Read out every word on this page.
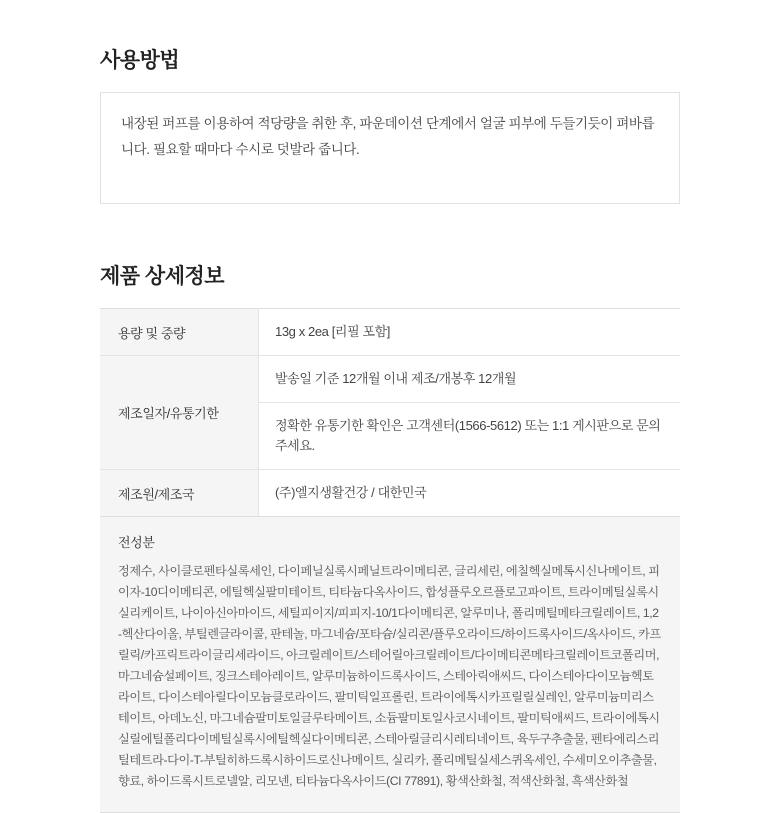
사용방법

내장된 퍼프를 이용하여 적당량을 취한 후, 파운데이션 단계에서 얼굴 피부에 두들기듯이 펴바릅니다. 필요할 때마다 수시로 덧발라 줍니다.

제품 상세정보
용량 및 중량	13g x 2ea [리필 포함]
제조일자/유통기한	발송일 기준 12개월 이내 제조/개봉후 12개월
	정확한 유통기한 확인은 고객센터(1566-5612) 또는 1:1 게시판으로 문의주세요.
제조원/제조국	(주)엘지생활건강 / 대한민국
전성분

정제수, 사이클로펜타실록세인, 다이페닐실록시페닐트라이메티콘, 글리세린, 에칠헥실메톡시신나메이트, 피이자-10디이메티콘, 에틸헥실팔미테이트, 티타늄다옥사이드, 합성플루오르플로고파이트, 트라이메틸실록시실리케이트, 나이아신아마이드, 세틸피이지/피피지-10/1다이메티콘, 알루미나, 폴리메틸메타크릴레이트, 1,2-헥산다이올, 부틸렌글라이콜, 판테놀, 마그네슘/포타슘/실리콘/플루오라이드/하이드록사이드/옥사이드, 카프릴릭/카프릭트라이글리세라이드, 아크릴레이트/스테어릴아크릴레이트/다이메티콘메타크릴레이트코폴리머, 마그네슘설페이트, 징크스테아레이트, 알루미늄하이드록사이드, 스테아릭애씨드, 다이스테아다이모늄헥토라이트, 다이스테아릴다이모늄클로라이드, 팔미틱일프롤린, 트라이에톡시카프릴릴실레인, 알루미늄미리스테이트, 아데노신, 마그네슘팔미토일글루타메이트, 소듐팔미토일사코시네이트, 팔미틱애씨드, 트라이에톡시실릴에틸폴리다이메틸실록시에틸헥실다이메티콘, 스테아릴글리시레티네이트, 육두구추출물, 펜타에리스리틸테트라-다이-T-부틸히하드록시하이드로신나메이트, 실리카, 폴리메틸실세스퀴옥세인, 수세미오이추출물, 향료, 하이드록시트로넬알, 리모넨, 티타늄다옥사이드(CI 77891), 황색산화철, 적색산화철, 흑색산화철
